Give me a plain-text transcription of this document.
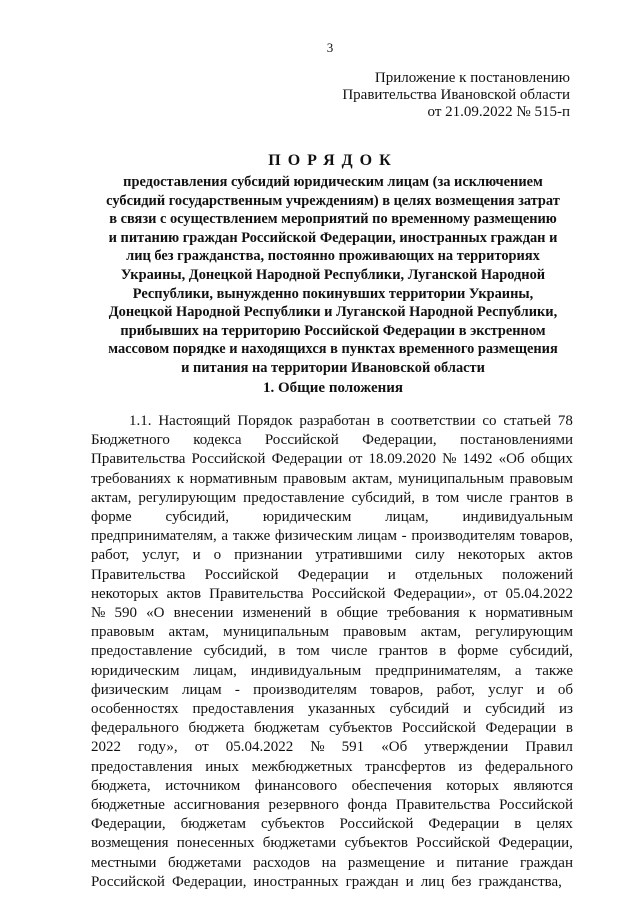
3
Приложение к постановлению
Правительства Ивановской области
от 21.09.2022 № 515-п
ПОРЯДОК
предоставления субсидий юридическим лицам (за исключением
субсидий государственным учреждениям) в целях возмещения затрат
в связи с осуществлением мероприятий по временному размещению
и питанию граждан Российской Федерации, иностранных граждан и
лиц без гражданства, постоянно проживающих на территориях
Украины, Донецкой Народной Республики, Луганской Народной
Республики, вынужденно покинувших территории Украины,
Донецкой Народной Республики и Луганской Народной Республики,
прибывших на территорию Российской Федерации в экстренном
массовом порядке и находящихся в пунктах временного размещения
и питания на территории Ивановской области
1. Общие положения
1.1. Настоящий Порядок разработан в соответствии со статьей 78
Бюджетного кодекса Российской Федерации, постановлениями
Правительства Российской Федерации от 18.09.2020 № 1492 «Об общих
требованиях к нормативным правовым актам, муниципальным правовым
актам, регулирующим предоставление субсидий, в том числе грантов в
форме субсидий, юридическим лицам, индивидуальным
предпринимателям, а также физическим лицам - производителям товаров,
работ, услуг, и о признании утратившими силу некоторых актов
Правительства Российской Федерации и отдельных положений
некоторых актов Правительства Российской Федерации», от 05.04.2022
№ 590 «О внесении изменений в общие требования к нормативным
правовым актам, муниципальным правовым актам, регулирующим
предоставление субсидий, в том числе грантов в форме субсидий,
юридическим лицам, индивидуальным предпринимателям, а также
физическим лицам - производителям товаров, работ, услуг и об
особенностях предоставления указанных субсидий и субсидий из
федерального бюджета бюджетам субъектов Российской Федерации в
2022 году», от 05.04.2022 № 591 «Об утверждении Правил
предоставления иных межбюджетных трансфертов из федерального
бюджета, источником финансового обеспечения которых являются
бюджетные ассигнования резервного фонда Правительства Российской
Федерации, бюджетам субъектов Российской Федерации в целях
возмещения понесенных бюджетами субъектов Российской Федерации,
местными бюджетами расходов на размещение и питание граждан
Российской Федерации, иностранных граждан и лиц без гражданства,
